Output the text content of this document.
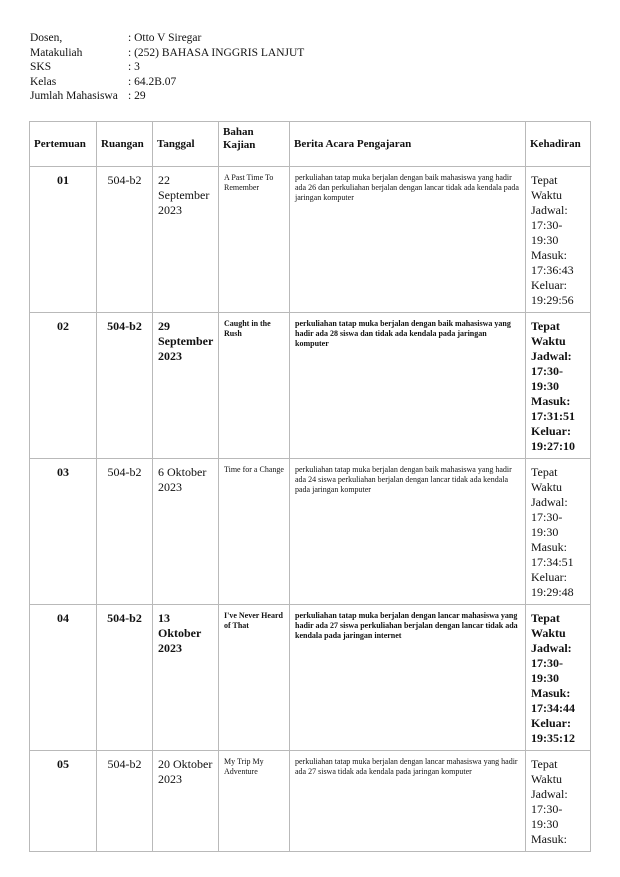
Dosen,	: Otto V Siregar
Matakuliah	: (252) BAHASA INGGRIS LANJUT
SKS	: 3
Kelas	: 64.2B.07
Jumlah Mahasiswa : 29
Pertemuan	Ruangan	Tanggal	Bahan Kajian	Berita Acara Pengajaran	Kehadiran
01	504-b2	22 September 2023	A Past Time To Remember	perkuliahan tatap muka berjalan dengan baik mahasiswa yang hadir ada 26 dan perkuliahan berjalan dengan lancar tidak ada kendala pada jaringan komputer	Tepat Waktu Jadwal: 17:30-19:30 Masuk: 17:36:43 Keluar: 19:29:56
02	504-b2	29 September 2023	Caught in the Rush	perkuliahan tatap muka berjalan dengan baik mahasiswa yang hadir ada 28 siswa dan tidak ada kendala pada jaringan komputer	Tepat Waktu Jadwal: 17:30-19:30 Masuk: 17:31:51 Keluar: 19:27:10
03	504-b2	6 Oktober 2023	Time for a Change	perkuliahan tatap muka berjalan dengan baik mahasiswa yang hadir ada 24 siswa perkuliahan berjalan dengan lancar tidak ada kendala pada jaringan komputer	Tepat Waktu Jadwal: 17:30-19:30 Masuk: 17:34:51 Keluar: 19:29:48
04	504-b2	13 Oktober 2023	I've Never Heard of That	perkuliahan tatap muka berjalan dengan lancar mahasiswa yang hadir ada 27 siswa perkuliahan berjalan dengan lancar tidak ada kendala pada jaringan internet	Tepat Waktu Jadwal: 17:30-19:30 Masuk: 17:34:44 Keluar: 19:35:12
05	504-b2	20 Oktober 2023	My Trip My Adventure	perkuliahan tatap muka berjalan dengan lancar mahasiswa yang hadir ada 27 siswa tidak ada kendala pada jaringan komputer	Tepat Waktu Jadwal: 17:30-19:30 Masuk:
